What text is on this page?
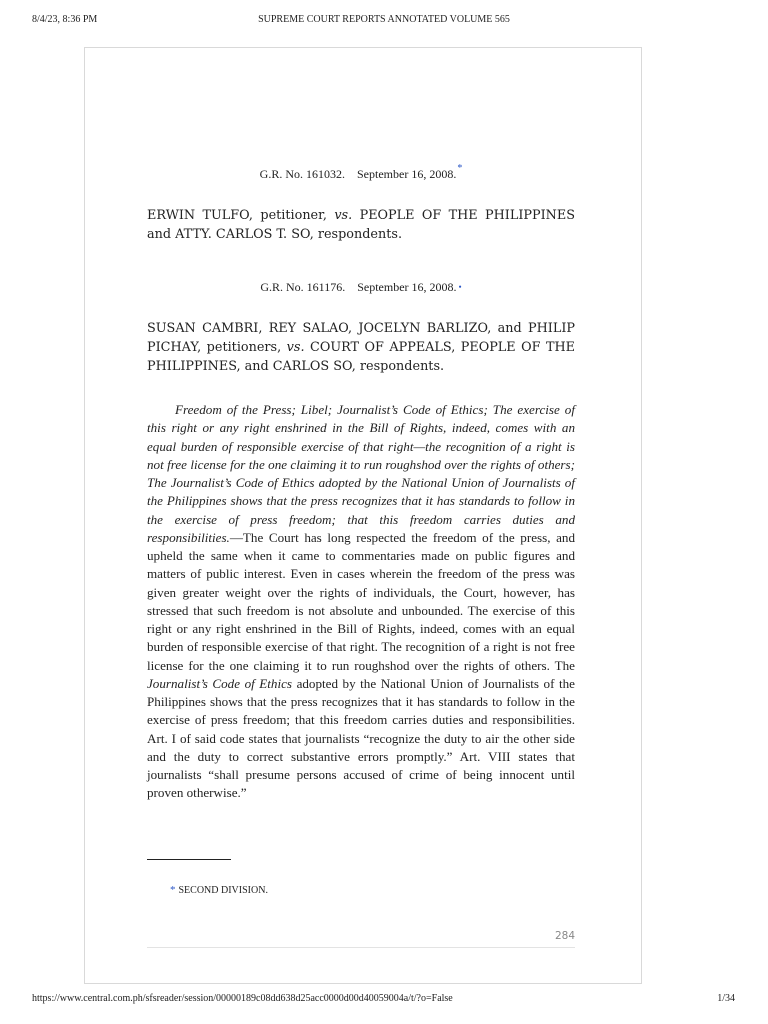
8/4/23, 8:36 PM	SUPREME COURT REPORTS ANNOTATED VOLUME 565
G.R. No. 161032. September 16, 2008.*
ERWIN TULFO, petitioner, vs. PEOPLE OF THE PHILIPPINES and ATTY. CARLOS T. SO, respondents.
G.R. No. 161176. September 16, 2008. •
SUSAN CAMBRI, REY SALAO, JOCELYN BARLIZO, and PHILIP PICHAY, petitioners, vs. COURT OF APPEALS, PEOPLE OF THE PHILIPPINES, and CARLOS SO, respondents.
Freedom of the Press; Libel; Journalist’s Code of Ethics; The exercise of this right or any right enshrined in the Bill of Rights, indeed, comes with an equal burden of responsible exercise of that right—the recognition of a right is not free license for the one claiming it to run roughshod over the rights of others; The Journalist’s Code of Ethics adopted by the National Union of Journalists of the Philippines shows that the press recognizes that it has standards to follow in the exercise of press freedom; that this freedom carries duties and responsibilities.—The Court has long respected the freedom of the press, and upheld the same when it came to commentaries made on public figures and matters of public interest. Even in cases wherein the freedom of the press was given greater weight over the rights of individuals, the Court, however, has stressed that such freedom is not absolute and unbounded. The exercise of this right or any right enshrined in the Bill of Rights, indeed, comes with an equal burden of responsible exercise of that right. The recognition of a right is not free license for the one claiming it to run roughshod over the rights of others. The Journalist’s Code of Ethics adopted by the National Union of Journalists of the Philippines shows that the press recognizes that it has standards to follow in the exercise of press freedom; that this freedom carries duties and responsibilities. Art. I of said code states that journalists “recognize the duty to air the other side and the duty to correct substantive errors promptly.” Art. VIII states that journalists “shall presume persons accused of crime of being innocent until proven otherwise.”
* SECOND DIVISION.
284
https://www.central.com.ph/sfsreader/session/00000189c08dd638d25acc0000d00d40059004a/t/?o=False	1/34
